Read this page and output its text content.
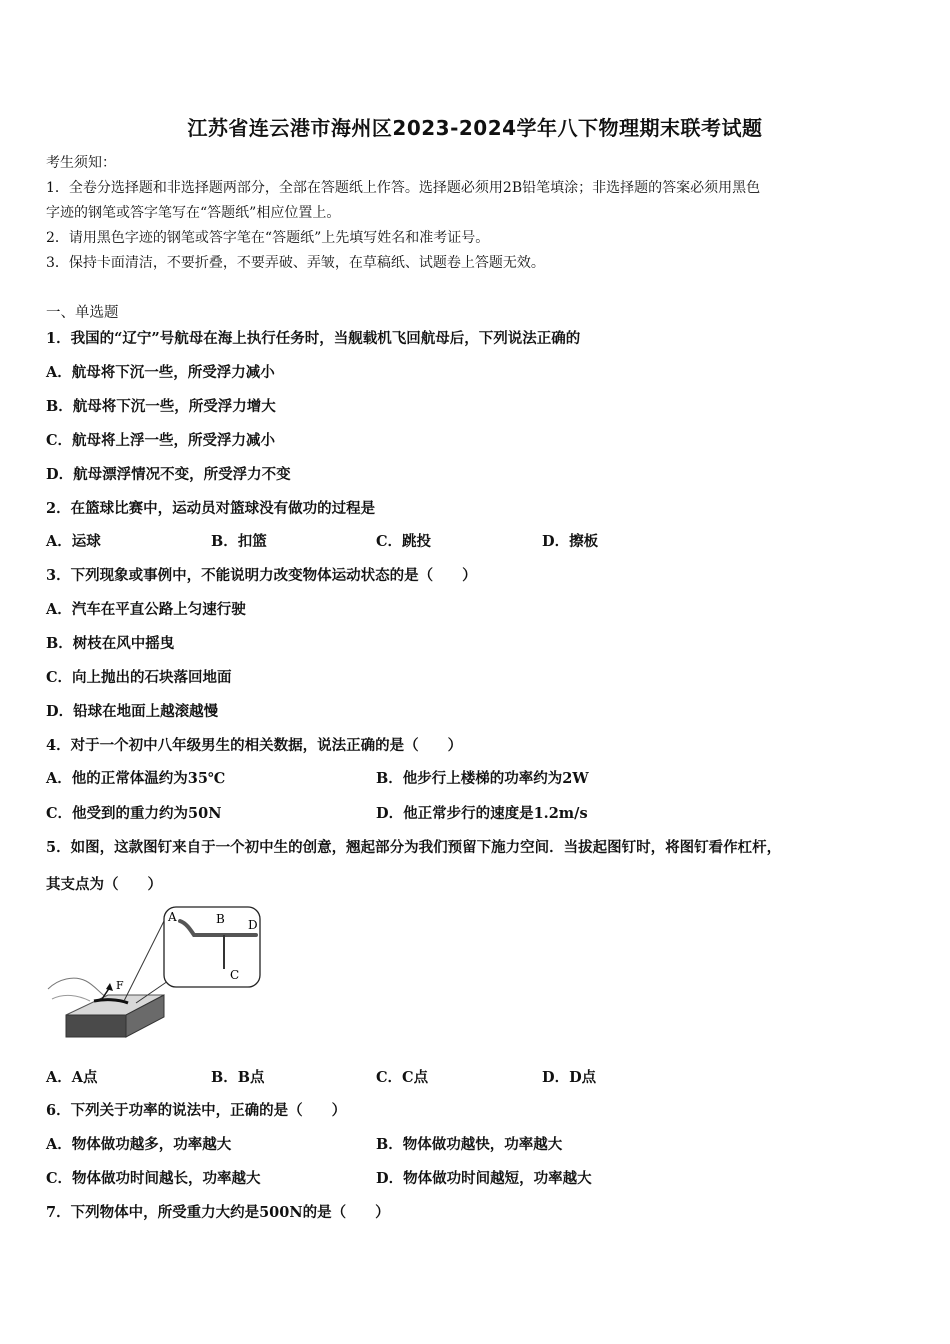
江苏省连云港市海州区2023-2024学年八下物理期末联考试题
考生须知：
1．全卷分选择题和非选择题两部分，全部在答题纸上作答。选择题必须用2B铅笔填涂；非选择题的答案必须用黑色
字迹的钢笔或答字笔写在“答题纸”相应位置上。
2．请用黑色字迹的钢笔或答字笔在“答题纸”上先填写姓名和准考证号。
3．保持卡面清洁，不要折叠，不要弄破、弄皱，在草稿纸、试题卷上答题无效。
一、单选题
1．我国的“辽宁”号航母在海上执行任务时，当舰载机飞回航母后，下列说法正确的
A．航母将下沉一些，所受浮力减小
B．航母将下沉一些，所受浮力增大
C．航母将上浮一些，所受浮力减小
D．航母漂浮情况不变，所受浮力不变
2．在篮球比赛中，运动员对篮球没有做功的过程是
A．运球	B．扣篮	C．跳投	D．擦板
3．下列现象或事例中，不能说明力改变物体运动状态的是（　　）
A．汽车在平直公路上匀速行驶
B．树枝在风中摇曳
C．向上抛出的石块落回地面
D．铅球在地面上越滚越慢
4．对于一个初中八年级男生的相关数据，说法正确的是（　　）
A．他的正常体温约为35℃	B．他步行上楼梯的功率约为2W
C．他受到的重力约为50N	D．他正常步行的速度是1.2m/s
5．如图，这款图钉来自于一个初中生的创意，翘起部分为我们预留下施力空间．当拔起图钉时，将图钉看作杠杆，
其支点为（　　）
F
A	B D
C
A．A点	B．B点	C．C点	D．D点
6．下列关于功率的说法中，正确的是（　　）
A．物体做功越多，功率越大	B．物体做功越快，功率越大
C．物体做功时间越长，功率越大	D．物体做功时间越短，功率越大
7．下列物体中，所受重力大约是500N的是（　　）
